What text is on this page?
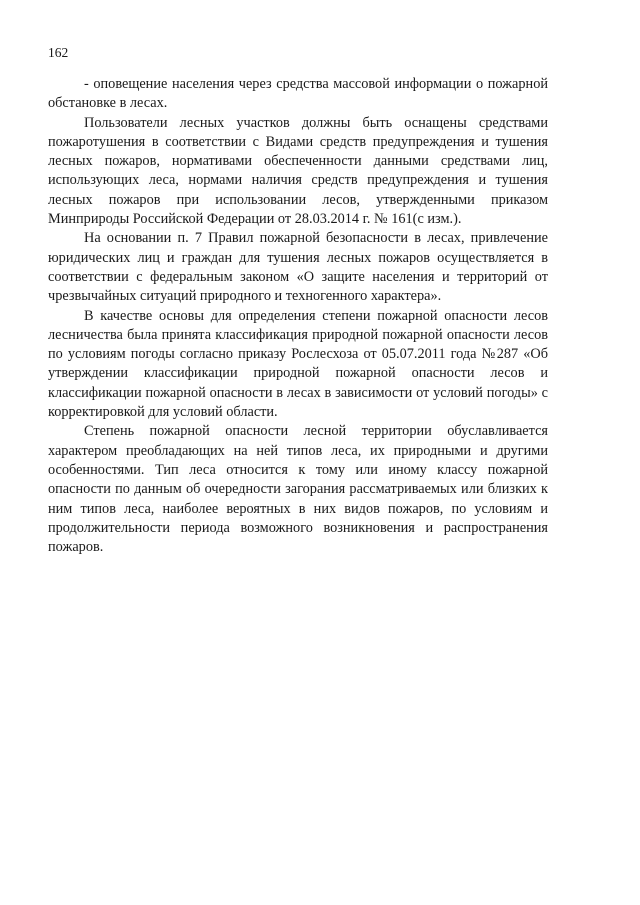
162

- оповещение населения через средства массовой информации о пожарной обстановке в лесах.

Пользователи лесных участков должны быть оснащены средствами пожаротушения в соответствии с Видами средств предупреждения и тушения лесных пожаров, нормативами обеспеченности данными средствами лиц, использующих леса, нормами наличия средств предупреждения и тушения лесных пожаров при использовании лесов, утвержденными приказом Минприроды Российской Федерации от 28.03.2014 г. № 161(с изм.).

На основании п. 7 Правил пожарной безопасности в лесах, привлечение юридических лиц и граждан для тушения лесных пожаров осуществляется в соответствии с федеральным законом «О защите населения и территорий от чрезвычайных ситуаций природного и техногенного характера».

В качестве основы для определения степени пожарной опасности лесов лесничества была принята классификация природной пожарной опасности лесов по условиям погоды согласно приказу Рослесхоза от 05.07.2011 года №287 «Об утверждении классификации природной пожарной опасности лесов и классификации пожарной опасности в лесах в зависимости от условий погоды» с корректировкой для условий области.

Степень пожарной опасности лесной территории обуславливается характером преобладающих на ней типов леса, их природными и другими особенностями. Тип леса относится к тому или иному классу пожарной опасности по данным об очередности загорания рассматриваемых или близких к ним типов леса, наиболее вероятных в них видов пожаров, по условиям и продолжительности периода возможного возникновения и распространения пожаров.
